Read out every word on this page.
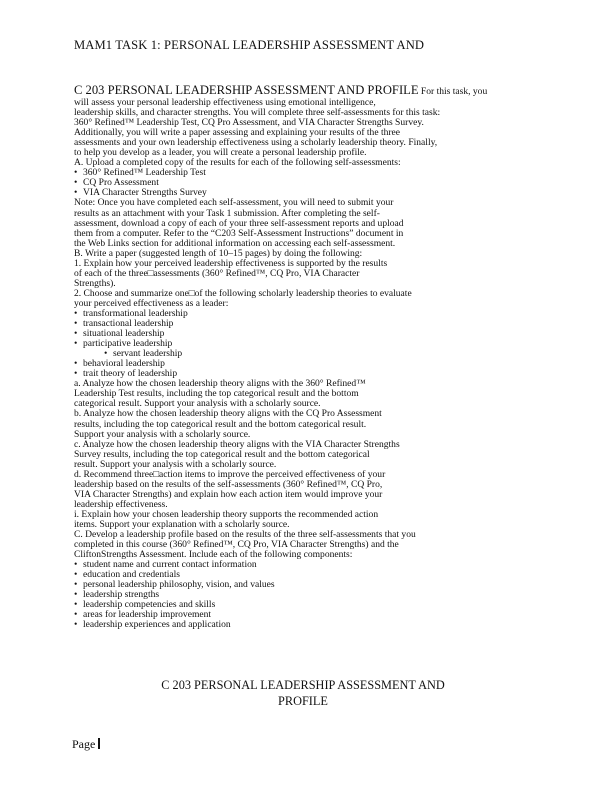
MAM1 TASK 1: PERSONAL LEADERSHIP ASSESSMENT AND
C 203 PERSONAL LEADERSHIP ASSESSMENT AND PROFILE For this task, you
will assess your personal leadership effectiveness using emotional intelligence,
leadership skills, and character strengths. You will complete three self-assessments for this task:
360° Refined™ Leadership Test, CQ Pro Assessment, and VIA Character Strengths Survey.
Additionally, you will write a paper assessing and explaining your results of the three
assessments and your own leadership effectiveness using a scholarly leadership theory. Finally,
to help you develop as a leader, you will create a personal leadership profile.
A. Upload a completed copy of the results for each of the following self-assessments:
• 360° Refined™ Leadership Test
• CQ Pro Assessment
• VIA Character Strengths Survey
Note: Once you have completed each self-assessment, you will need to submit your
results as an attachment with your Task 1 submission. After completing the self-
assessment, download a copy of each of your three self-assessment reports and upload
them from a computer. Refer to the “C203 Self-Assessment Instructions” document in
the Web Links section for additional information on accessing each self-assessment.
B. Write a paper (suggested length of 10–15 pages) by doing the following:
1. Explain how your perceived leadership effectiveness is supported by the results
of each of the three□assessments (360° Refined™, CQ Pro, VIA Character
Strengths).
2. Choose and summarize one□of the following scholarly leadership theories to evaluate
your perceived effectiveness as a leader:
• transformational leadership
• transactional leadership
• situational leadership
• participative leadership
• servant leadership
• behavioral leadership
• trait theory of leadership
a. Analyze how the chosen leadership theory aligns with the 360° Refined™
Leadership Test results, including the top categorical result and the bottom
categorical result. Support your analysis with a scholarly source.
b. Analyze how the chosen leadership theory aligns with the CQ Pro Assessment
results, including the top categorical result and the bottom categorical result.
Support your analysis with a scholarly source.
c. Analyze how the chosen leadership theory aligns with the VIA Character Strengths
Survey results, including the top categorical result and the bottom categorical
result. Support your analysis with a scholarly source.
d. Recommend three□action items to improve the perceived effectiveness of your
leadership based on the results of the self-assessments (360° Refined™, CQ Pro,
VIA Character Strengths) and explain how each action item would improve your
leadership effectiveness.
i. Explain how your chosen leadership theory supports the recommended action
items. Support your explanation with a scholarly source.
C. Develop a leadership profile based on the results of the three self-assessments that you
completed in this course (360° Refined™, CQ Pro, VIA Character Strengths) and the
CliftonStrengths Assessment. Include each of the following components:
• student name and current contact information
• education and credentials
• personal leadership philosophy, vision, and values
• leadership strengths
• leadership competencies and skills
• areas for leadership improvement
• leadership experiences and application
C 203 PERSONAL LEADERSHIP ASSESSMENT AND
PROFILE
Page
